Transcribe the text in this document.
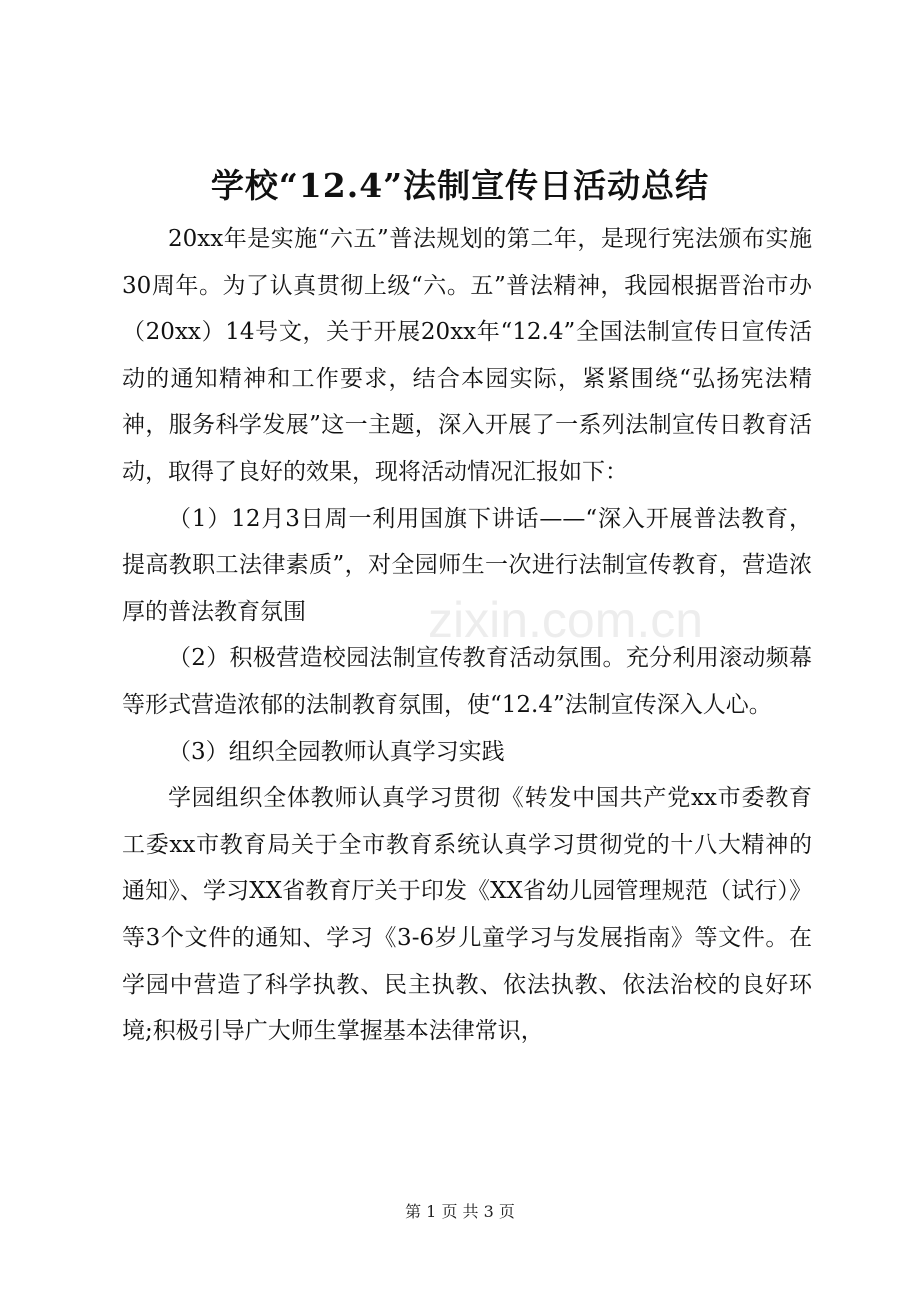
zixin.com.cn
学校“12.4”法制宣传日活动总结

20xx年是实施“六五”普法规划的第二年，是现行宪法颁布实施30周年。为了认真贯彻上级“六。五”普法精神，我园根据晋治市办（20xx）14号文，关于开展20xx年“12.4”全国法制宣传日宣传活动的通知精神和工作要求，结合本园实际，紧紧围绕“弘扬宪法精神，服务科学发展”这一主题，深入开展了一系列法制宣传日教育活动，取得了良好的效果，现将活动情况汇报如下：

（1）12月3日周一利用国旗下讲话——“深入开展普法教育，提高教职工法律素质”，对全园师生一次进行法制宣传教育，营造浓厚的普法教育氛围

（2）积极营造校园法制宣传教育活动氛围。充分利用滚动频幕等形式营造浓郁的法制教育氛围，使“12.4”法制宣传深入人心。

（3）组织全园教师认真学习实践

学园组织全体教师认真学习贯彻《转发中国共产党xx市委教育工委xx市教育局关于全市教育系统认真学习贯彻党的十八大精神的通知》、学习XX省教育厅关于印发《XX省幼儿园管理规范（试行）》等3个文件的通知、学习《3-6岁儿童学习与发展指南》等文件。在学园中营造了科学执教、民主执教、依法执教、依法治校的良好环境;积极引导广大师生掌握基本法律常识，

第 1 页 共 3 页
